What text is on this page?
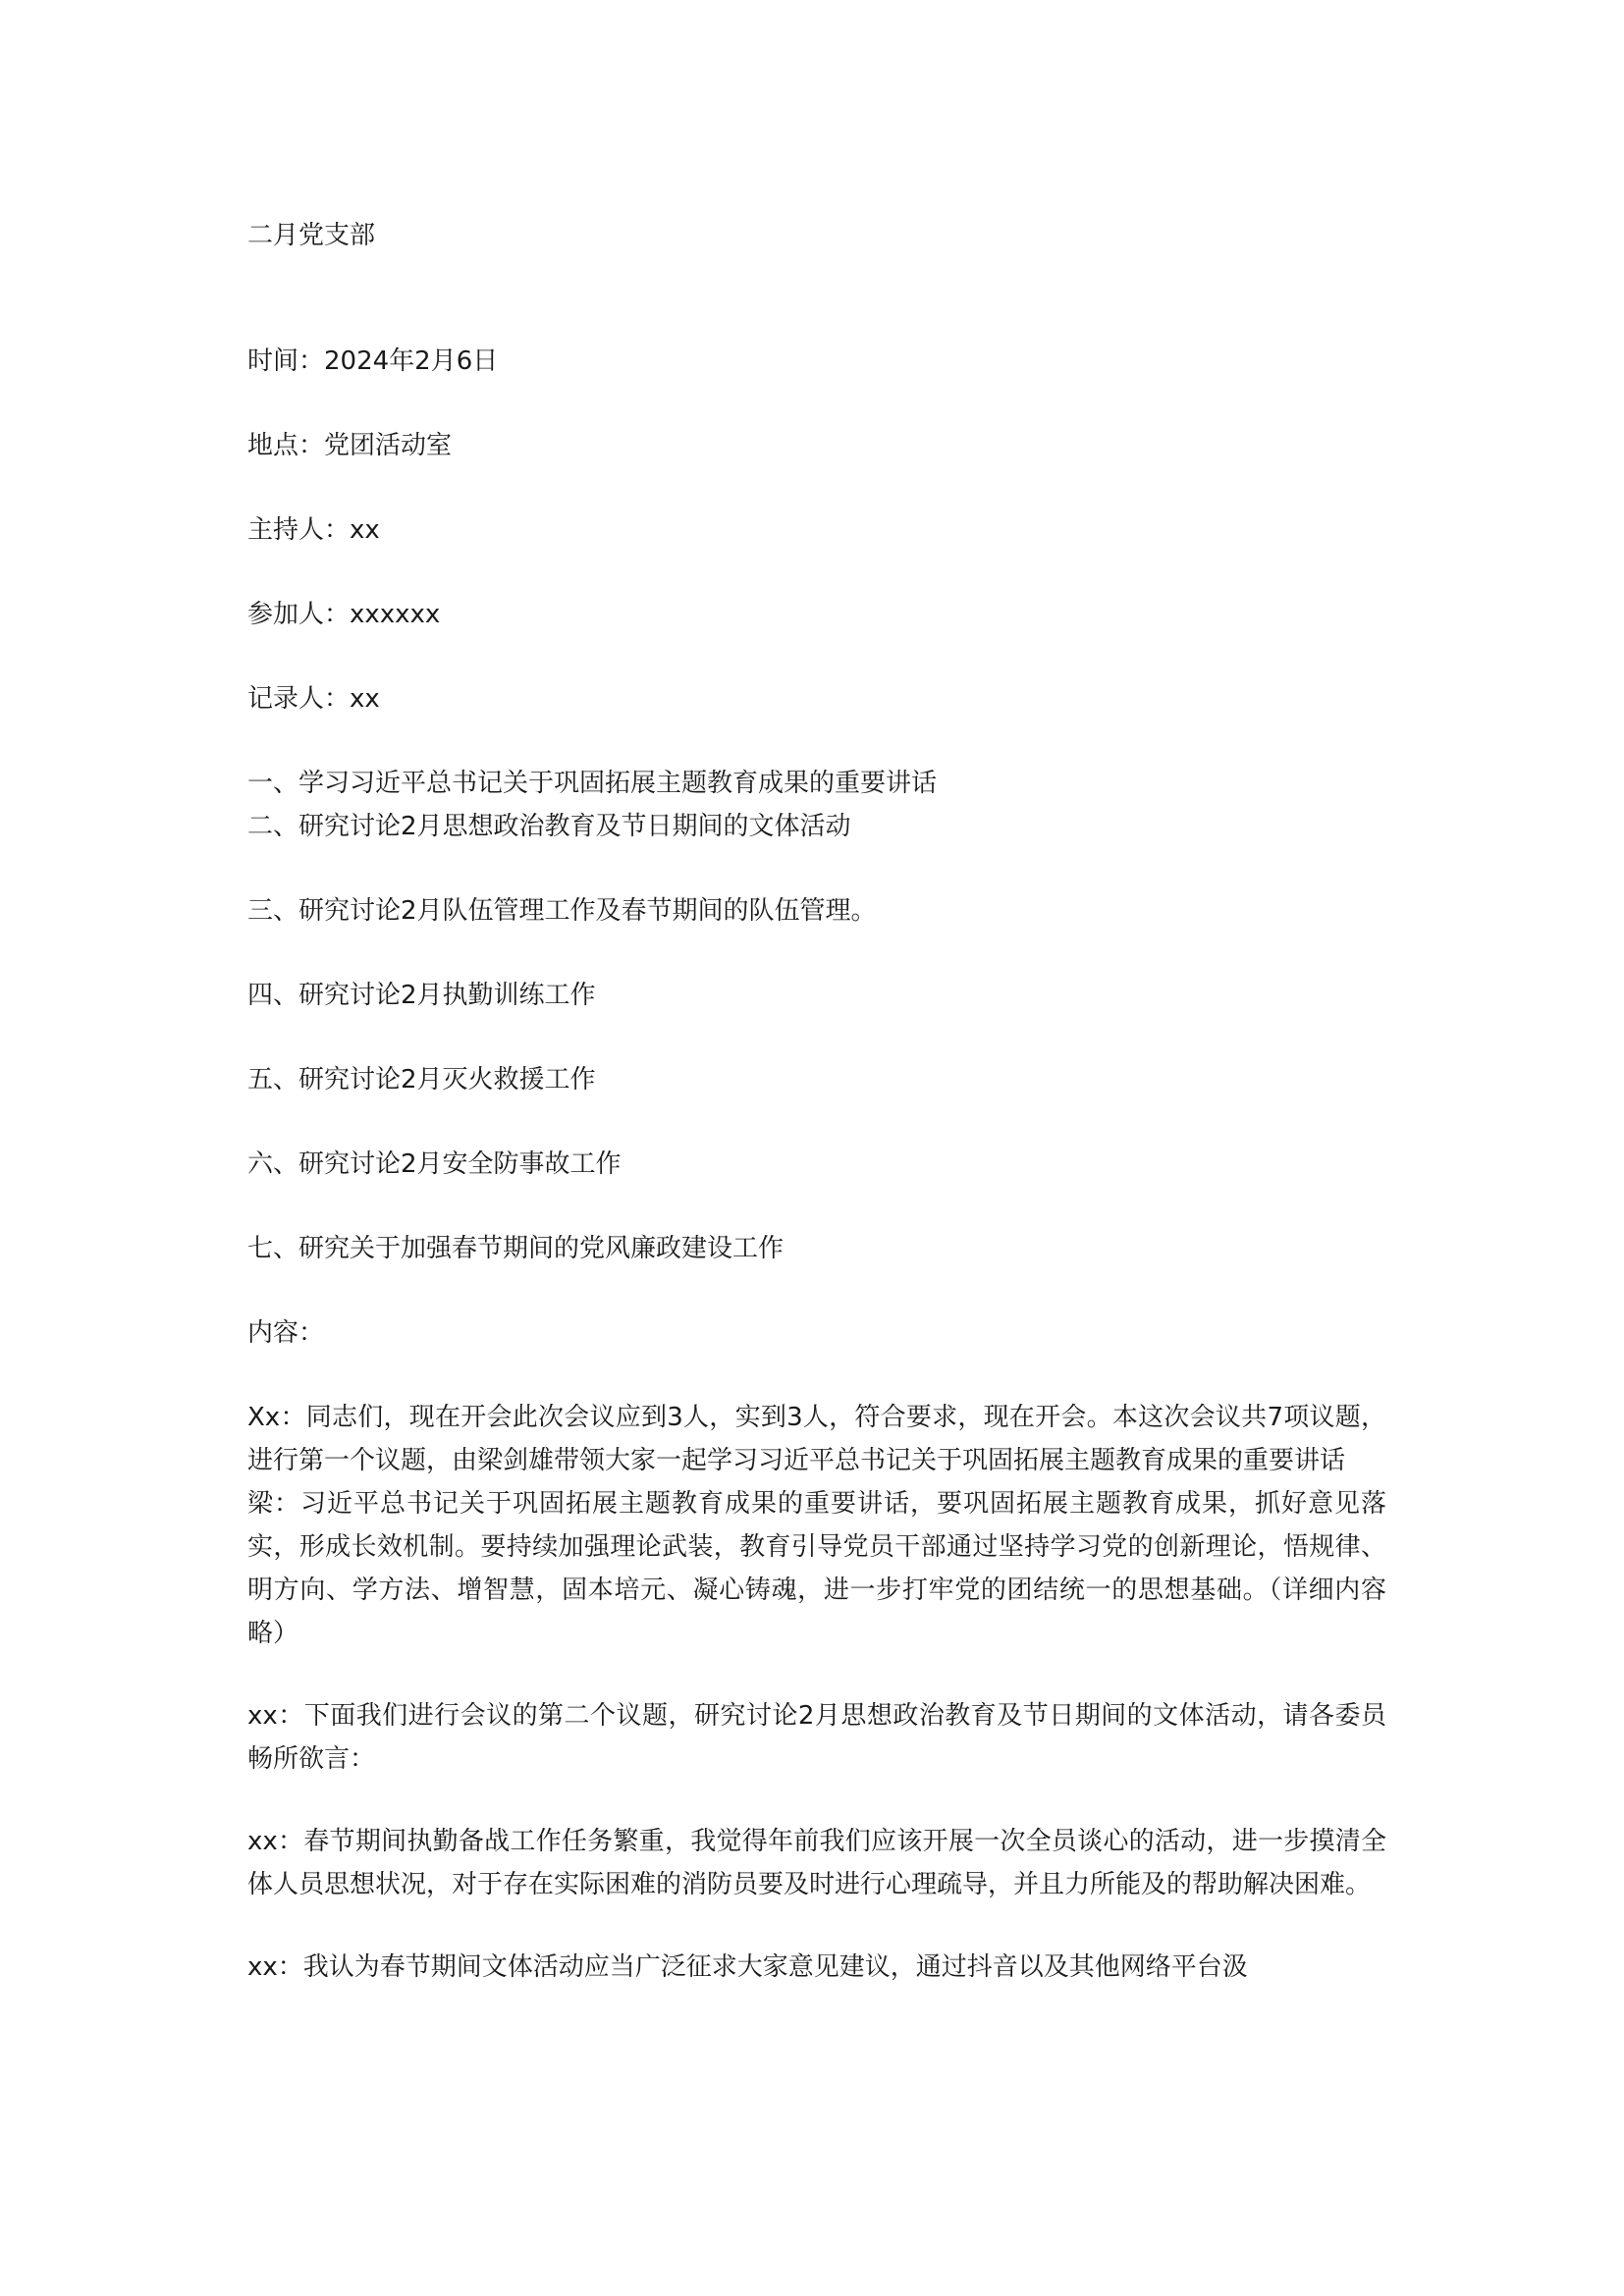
二月党支部

时间：2024年2月6日

地点：党团活动室

主持人：xx

参加人：xxxxxx

记录人：xx

一、学习习近平总书记关于巩固拓展主题教育成果的重要讲话

二、研究讨论2月思想政治教育及节日期间的文体活动

三、研究讨论2月队伍管理工作及春节期间的队伍管理。

四、研究讨论2月执勤训练工作

五、研究讨论2月灭火救援工作

六、研究讨论2月安全防事故工作

七、研究关于加强春节期间的党风廉政建设工作

内容：

Xx：同志们，现在开会此次会议应到3人，实到3人，符合要求，现在开会。本这次会议共7项议题，进行第一个议题，由梁剑雄带领大家一起学习习近平总书记关于巩固拓展主题教育成果的重要讲话

梁：习近平总书记关于巩固拓展主题教育成果的重要讲话，要巩固拓展主题教育成果，抓好意见落实，形成长效机制。要持续加强理论武装，教育引导党员干部通过坚持学习党的创新理论，悟规律、明方向、学方法、增智慧，固本培元、凝心铸魂，进一步打牢党的团结统一的思想基础。（详细内容略）

xx：下面我们进行会议的第二个议题，研究讨论2月思想政治教育及节日期间的文体活动，请各委员畅所欲言：

xx：春节期间执勤备战工作任务繁重，我觉得年前我们应该开展一次全员谈心的活动，进一步摸清全体人员思想状况，对于存在实际困难的消防员要及时进行心理疏导，并且力所能及的帮助解决困难。

xx：我认为春节期间文体活动应当广泛征求大家意见建议，通过抖音以及其他网络平台汲
